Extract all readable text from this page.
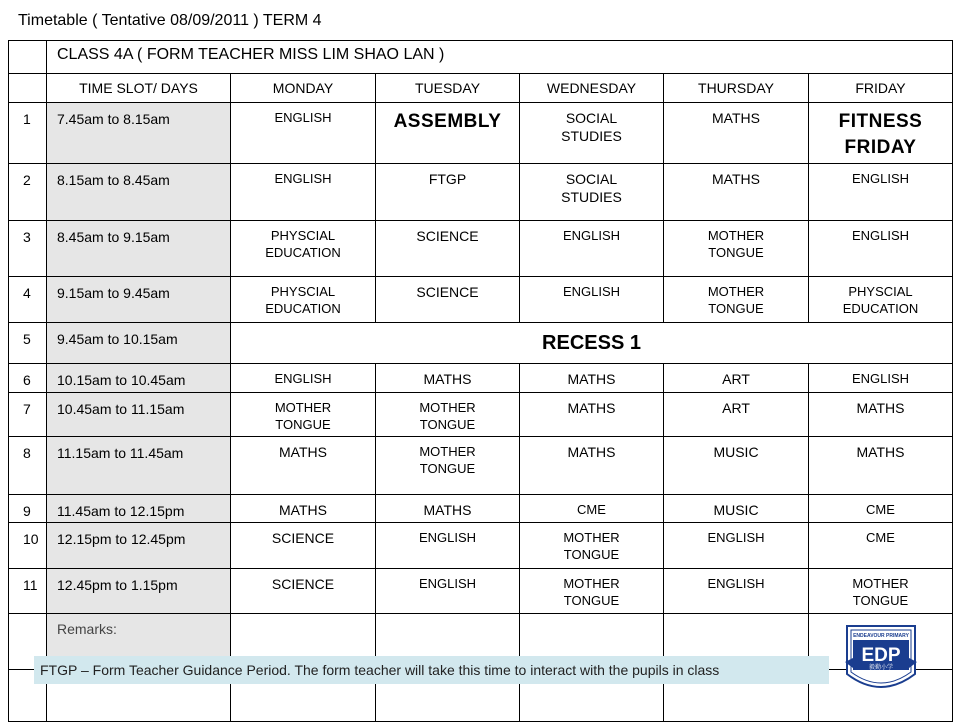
Timetable ( Tentative 08/09/2011 ) TERM 4
	CLASS 4A ( FORM TEACHER MISS LIM SHAO LAN )					
	TIME SLOT/ DAYS	MONDAY	TUESDAY	WEDNESDAY	THURSDAY	FRIDAY
1	7.45am to 8.15am	ENGLISH	ASSEMBLY	SOCIAL
STUDIES	MATHS	FITNESS
FRIDAY

2	8.15am to 8.45am	ENGLISH	FTGP	SOCIAL
STUDIES	MATHS	ENGLISH
3	8.45am to 9.15am	PHYSCIAL
EDUCATION	SCIENCE	ENGLISH	MOTHER
TONGUE	ENGLISH
4	9.15am to 9.45am	PHYSCIAL
EDUCATION	SCIENCE	ENGLISH	MOTHER
TONGUE	PHYSCIAL
EDUCATION

5	9.45am to 10.15am	RECESS 1				
6	10.15am to 10.45am	ENGLISH	MATHS	MATHS	ART	ENGLISH
7	10.45am to 11.15am	MOTHER
TONGUE	MOTHER
TONGUE	MATHS	ART	MATHS
8	11.15am to 11.45am	MATHS	MOTHER
TONGUE	MATHS	MUSIC	MATHS
9	11.45am to 12.15pm	MATHS	MATHS	CME	MUSIC	CME
10	12.15pm to 12.45pm	SCIENCE	ENGLISH	MOTHER
TONGUE	ENGLISH	CME
11	12.45pm to 1.15pm	SCIENCE	ENGLISH	MOTHER
TONGUE	ENGLISH	MOTHER
TONGUE

	Remarks:					

FTGP – Form Teacher Guidance Period. The form teacher will take this time to interact with the pupils in class
ENDEAVOUR PRIMARY
EDP
毅勤小学
